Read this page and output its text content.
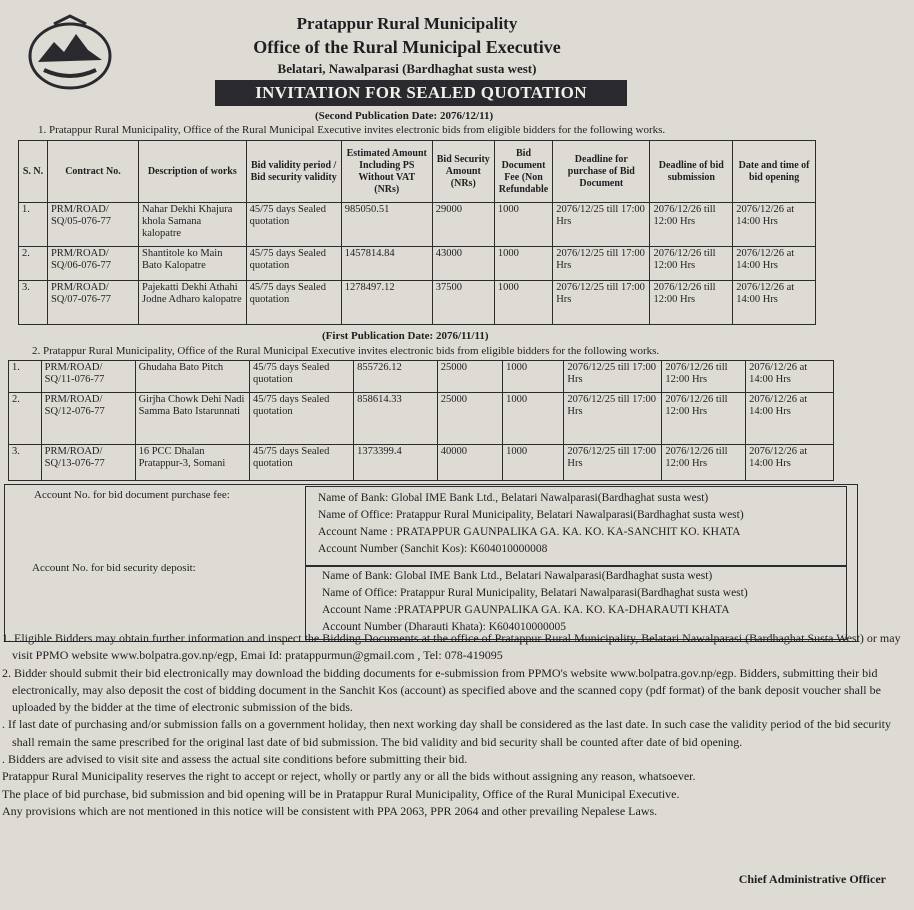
Pratappur Rural Municipality
Office of the Rural Municipal Executive
Belatari, Nawalparasi (Bardhaghat susta west)
INVITATION FOR SEALED QUOTATION
(Second Publication Date: 2076/12/11)
1. Pratappur Rural Municipality, Office of the Rural Municipal Executive invites electronic bids from eligible bidders for the following works.
S. N.	Contract No.	Description of works	Bid validity period / Bid security validity	Estimated Amount Including PS Without VAT (NRs)	Bid Security Amount (NRs)	Bid Document Fee (Non Refundable	Deadline for purchase of Bid Document	Deadline of bid submission	Date and time of bid opening
1.	PRM/ROAD/ SQ/05-076-77	Nahar Dekhi Khajura khola Samana kalopatre	45/75 days Sealed quotation	985050.51	29000	1000	2076/12/25 till 17:00 Hrs	2076/12/26 till 12:00 Hrs	2076/12/26 at 14:00 Hrs
2.	PRM/ROAD/ SQ/06-076-77	Shantitole ko Main Bato Kalopatre	45/75 days Sealed quotation	1457814.84	43000	1000	2076/12/25 till 17:00 Hrs	2076/12/26 till 12:00 Hrs	2076/12/26 at 14:00 Hrs
3.	PRM/ROAD/ SQ/07-076-77	Pajekatti Dekhi Athahi Jodne Adharo kalopatre	45/75 days Sealed quotation	1278497.12	37500	1000	2076/12/25 till 17:00 Hrs	2076/12/26 till 12:00 Hrs	2076/12/26 at 14:00 Hrs
(First Publication Date: 2076/11/11)
2. Pratappur Rural Municipality, Office of the Rural Municipal Executive invites electronic bids from eligible bidders for the following works.
1.	PRM/ROAD/ SQ/11-076-77	Ghudaha Bato Pitch	45/75 days Sealed quotation	855726.12	25000	1000	2076/12/25 till 17:00 Hrs	2076/12/26 till 12:00 Hrs	2076/12/26 at 14:00 Hrs
2.	PRM/ROAD/ SQ/12-076-77	Girjha Chowk Dehi Nadi Samma Bato Istarunnati	45/75 days Sealed quotation	858614.33	25000	1000	2076/12/25 till 17:00 Hrs	2076/12/26 till 12:00 Hrs	2076/12/26 at 14:00 Hrs
3.	PRM/ROAD/ SQ/13-076-77	16 PCC Dhalan Pratappur-3, Somani	45/75 days Sealed quotation	1373399.4	40000	1000	2076/12/25 till 17:00 Hrs	2076/12/26 till 12:00 Hrs	2076/12/26 at 14:00 Hrs
Account No. for bid document purchase fee:	Name of Bank: Global IME Bank Ltd., Belatari Nawalparasi(Bardhaghat susta west)
Name of Office: Pratappur Rural Municipality, Belatari Nawalparasi(Bardhaghat susta west)
Account Name : PRATAPPUR GAUNPALIKA GA. KA. KO. KA-SANCHIT KO. KHATA
Account Number (Sanchit Kos): K604010000008
Account No. for bid security deposit:
Name of Bank: Global IME Bank Ltd., Belatari Nawalparasi(Bardhaghat susta west)
Name of Office: Pratappur Rural Municipality, Belatari Nawalparasi(Bardhaghat susta west)
Account Name :PRATAPPUR GAUNPALIKA GA. KA. KO. KA-DHARAUTI KHATA
Account Number (Dharauti Khata): K604010000005

1. Eligible Bidders may obtain further information and inspect the Bidding Documents at the office of Pratappur Rural Municipality, Belatari Nawalparasi (Bardhaghat Susta West) or may visit PPMO website www.bolpatra.gov.np/egp, Emai Id: pratappurmun@gmail.com , Tel: 078-419095

2. Bidder should submit their bid electronically may download the bidding documents for e-submission from PPMO's website www.bolpatra.gov.np/egp. Bidders, submitting their bid electronically, may also deposit the cost of bidding document in the Sanchit Kos (account) as specified above and the scanned copy (pdf format) of the bank deposit voucher shall be uploaded by the bidder at the time of electronic submission of the bids.

. If last date of purchasing and/or submission falls on a government holiday, then next working day shall be considered as the last date. In such case the validity period of the bid security shall remain the same prescribed for the original last date of bid submission. The bid validity and bid security shall be counted after date of bid opening.

. Bidders are advised to visit site and assess the actual site conditions before submitting their bid.

Pratappur Rural Municipality reserves the right to accept or reject, wholly or partly any or all the bids without assigning any reason, whatsoever.

The place of bid purchase, bid submission and bid opening will be in Pratappur Rural Municipality, Office of the Rural Municipal Executive.

Any provisions which are not mentioned in this notice will be consistent with PPA 2063, PPR 2064 and other prevailing Nepalese Laws.

Chief Administrative Officer
